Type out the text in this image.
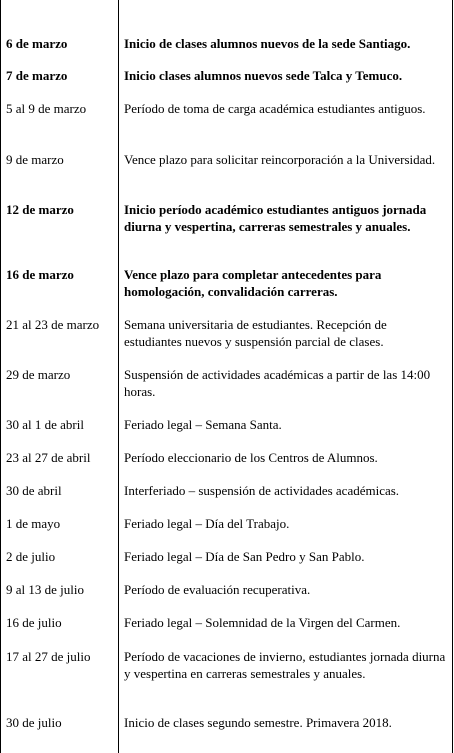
6 de marzo	Inicio de clases alumnos nuevos de la sede Santiago.
7 de marzo	Inicio clases alumnos nuevos sede Talca y Temuco.
5 al 9 de marzo	Período de toma de carga académica estudiantes antiguos.
9 de marzo	Vence plazo para solicitar reincorporación a la Universidad.
12 de marzo	Inicio período académico estudiantes antiguos jornada diurna y vespertina, carreras semestrales y anuales.
16 de marzo	Vence plazo para completar antecedentes para homologación, convalidación carreras.
21 al 23 de marzo	Semana universitaria de estudiantes. Recepción de estudiantes nuevos y suspensión parcial de clases.
29 de marzo	Suspensión de actividades académicas a partir de las 14:00 horas.
30 al 1 de abril	Feriado legal – Semana Santa.
23 al 27 de abril	Período eleccionario de los Centros de Alumnos.
30 de abril	Interferiado – suspensión de actividades académicas.
1 de mayo	Feriado legal – Día del Trabajo.
2 de julio	Feriado legal – Día de San Pedro y San Pablo.
9 al 13 de julio	Período de evaluación recuperativa.
16 de julio	Feriado legal – Solemnidad de la Virgen del Carmen.
17 al 27 de julio	Período de vacaciones de invierno, estudiantes jornada diurna y vespertina en carreras semestrales y anuales.
30 de julio	Inicio de clases segundo semestre. Primavera 2018.
